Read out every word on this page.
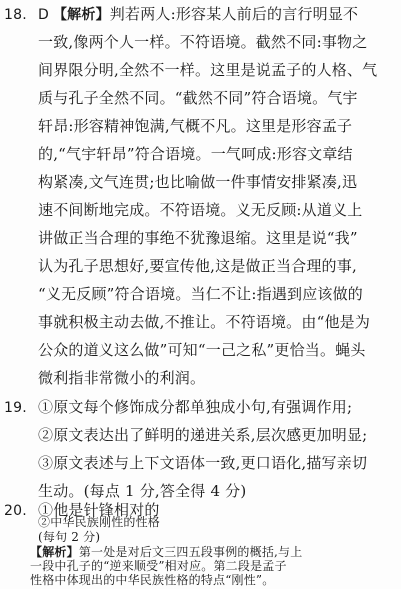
18. D 【解析】判若两人:形容某人前后的言行明显不
一致,像两个人一样。不符语境。截然不同:事物之
间界限分明,全然不一样。这里是说孟子的人格、气
质与孔子全然不同。“截然不同”符合语境。气宇
轩昂:形容精神饱满,气概不凡。这里是形容孟子
的,“气宇轩昂”符合语境。一气呵成:形容文章结
构紧凑,文气连贯;也比喻做一件事情安排紧凑,迅
速不间断地完成。不符语境。义无反顾:从道义上
讲做正当合理的事绝不犹豫退缩。这里是说“我”
认为孔子思想好,要宣传他,这是做正当合理的事,
“义无反顾”符合语境。当仁不让:指遇到应该做的
事就积极主动去做,不推让。不符语境。由“他是为
公众的道义这么做”可知“一己之私”更恰当。蝇头
微利指非常微小的利润。
19. ①原文每个修饰成分都单独成小句,有强调作用;
②原文表达出了鲜明的递进关系,层次感更加明显;
③原文表述与上下文语体一致,更口语化,描写亲切
生动。(每点 1 分,答全得 4 分)
20. ①他是针锋相对的
②中华民族刚性的性格
(每句 2 分)
【解析】第一处是对后文三四五段事例的概括,与上
一段中孔子的“逆来顺受”相对应。第二段是孟子
性格中体现出的中华民族性格的特点“刚性”。
